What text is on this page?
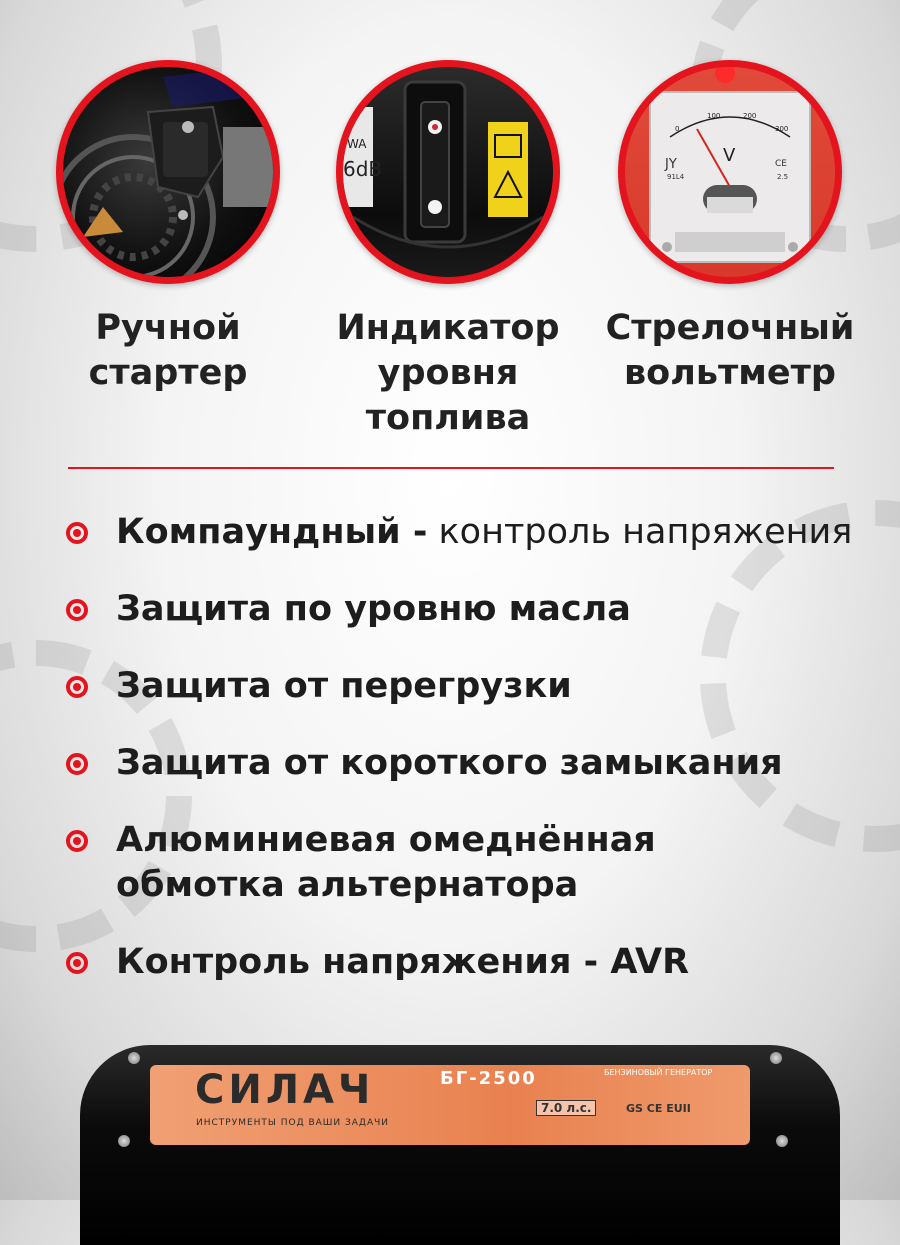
Ручной
стартер
WA
6dB
Индикатор
уровня
топлива
0
100	200
300
V
JY
91L4
CE
2.5
Стрелочный
вольтметр
Компаундный - контроль напряжения
Защита по уровню масла
Защита от перегрузки
Защита от короткого замыкания
Алюминиевая омеднённая обмотка альтернатора
Контроль напряжения - AVR
СИЛАЧ
ИНСТРУМЕНТЫ ПОД ВАШИ ЗАДАЧИ
БГ-2500	БЕНЗИНОВЫЙ ГЕНЕРАТОР
7.0 л.с.	GS CE EUII
